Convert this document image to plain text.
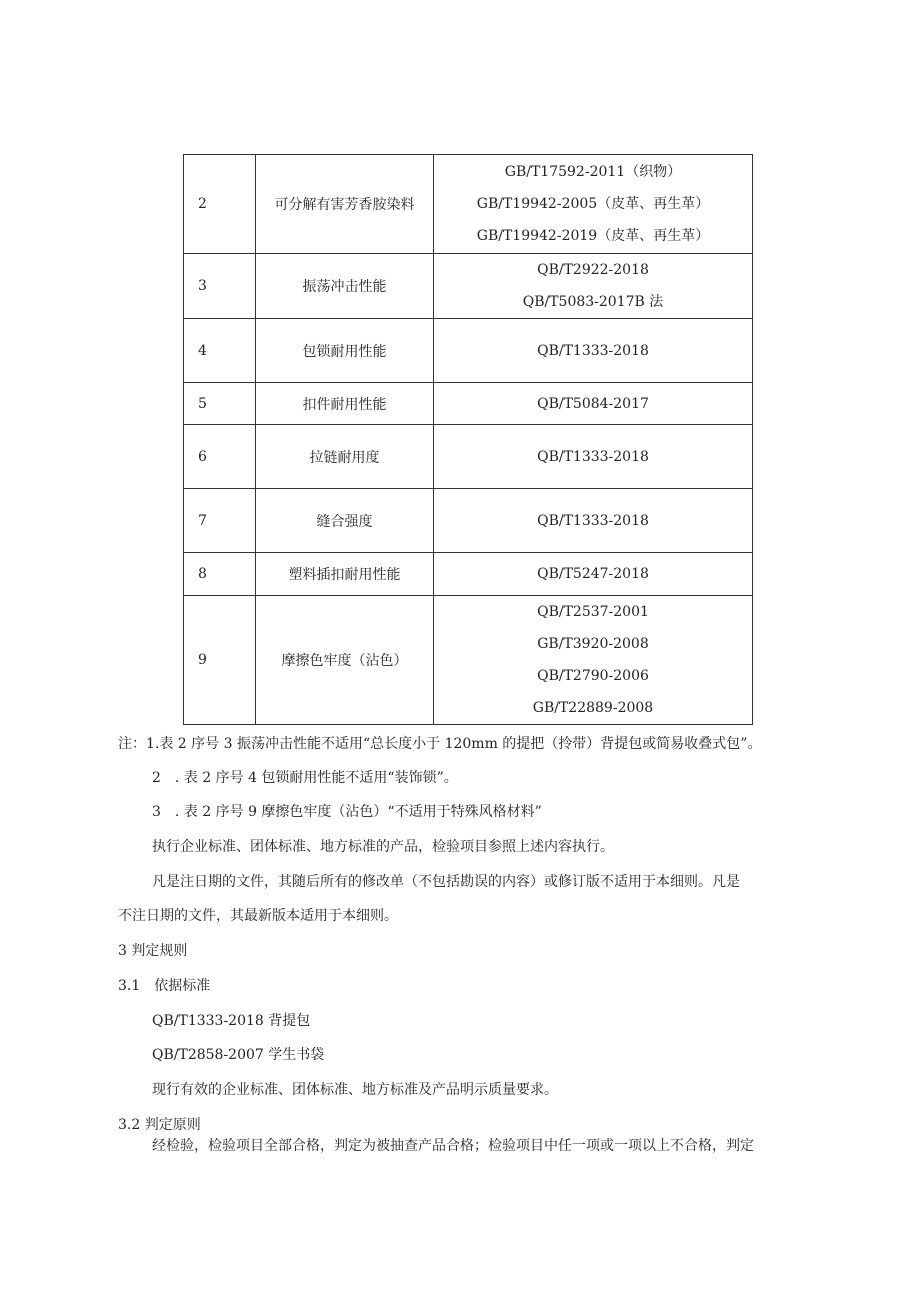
2	可分解有害芳香胺染料	GB/T17592-2011（织物）
GB/T19942-2005（皮革、再生革）
GB/T19942-2019（皮革、再生革）

3	振荡冲击性能	QB/T2922-2018
QB/T5083-2017B 法

4	包锁耐用性能	QB/T1333-2018

5	扣件耐用性能	QB/T5084-2017

6	拉链耐用度	QB/T1333-2018

7	缝合强度	QB/T1333-2018

8	塑料插扣耐用性能	QB/T5247-2018

9	摩擦色牢度（沾色）	QB/T2537-2001
GB/T3920-2008
QB/T2790-2006
GB/T22889-2008
注：1.表 2 序号 3 振荡冲击性能不适用“总长度小于 120mm 的提把（拎带）背提包或简易收叠式包”。
2　. 表 2 序号 4 包锁耐用性能不适用“装饰锁”。
3　. 表 2 序号 9 摩擦色牢度（沾色）“不适用于特殊风格材料”
执行企业标准、团体标准、地方标准的产品，检验项目参照上述内容执行。
凡是注日期的文件，其随后所有的修改单（不包括勘误的内容）或修订版不适用于本细则。凡是
不注日期的文件，其最新版本适用于本细则。
3 判定规则
3.1　依据标准
QB/T1333-2018 背提包
QB/T2858-2007 学生书袋
现行有效的企业标准、团体标准、地方标准及产品明示质量要求。
3.2 判定原则
经检验，检验项目全部合格，判定为被抽查产品合格；检验项目中任一项或一项以上不合格，判定
